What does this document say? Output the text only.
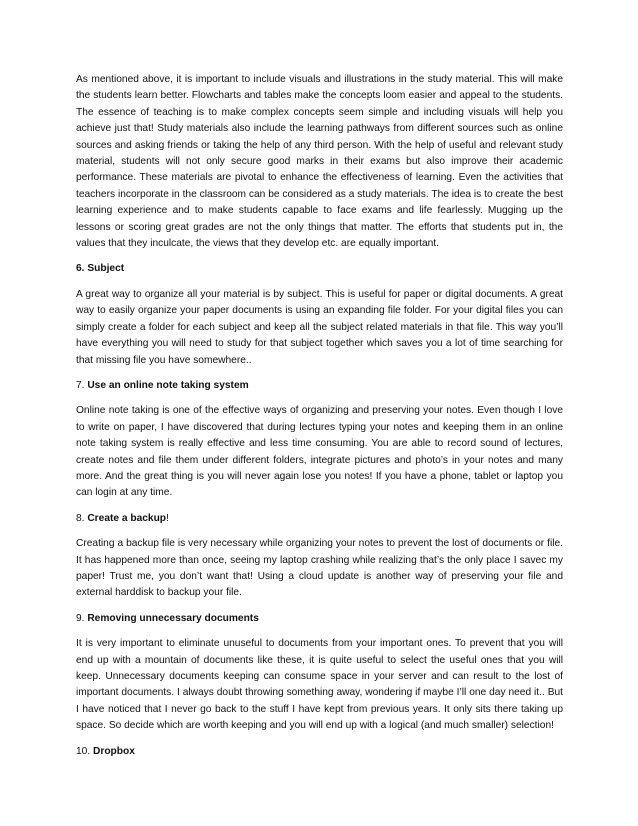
As mentioned above, it is important to include visuals and illustrations in the study material. This will make the students learn better. Flowcharts and tables make the concepts loom easier and appeal to the students. The essence of teaching is to make complex concepts seem simple and including visuals will help you achieve just that! Study materials also include the learning pathways from different sources such as online sources and asking friends or taking the help of any third person. With the help of useful and relevant study material, students will not only secure good marks in their exams but also improve their academic performance. These materials are pivotal to enhance the effectiveness of learning. Even the activities that teachers incorporate in the classroom can be considered as a study materials. The idea is to create the best learning experience and to make students capable to face exams and life fearlessly. Mugging up the lessons or scoring great grades are not the only things that matter. The efforts that students put in, the values that they inculcate, the views that they develop etc. are equally important.

6. Subject

A great way to organize all your material is by subject. This is useful for paper or digital documents. A great way to easily organize your paper documents is using an expanding file folder. For your digital files you can simply create a folder for each subject and keep all the subject related materials in that file. This way you’ll have everything you will need to study for that subject together which saves you a lot of time searching for that missing file you have somewhere..

7. Use an online note taking system

Online note taking is one of the effective ways of organizing and preserving your notes. Even though I love to write on paper, I have discovered that during lectures typing your notes and keeping them in an online note taking system is really effective and less time consuming. You are able to record sound of lectures, create notes and file them under different folders, integrate pictures and photo’s in your notes and many more. And the great thing is you will never again lose you notes! If you have a phone, tablet or laptop you can login at any time.

8. Create a backup!

Creating a backup file is very necessary while organizing your notes to prevent the lost of documents or file. It has happened more than once, seeing my laptop crashing while realizing that’s the only place I savec my paper! Trust me, you don’t want that! Using a cloud update is another way of preserving your file and external harddisk to backup your file.

9. Removing unnecessary documents

It is very important to eliminate unuseful to documents from your important ones. To prevent that you will end up with a mountain of documents like these, it is quite useful to select the useful ones that you will keep. Unnecessary documents keeping can consume space in your server and can result to the lost of important documents. I always doubt throwing something away, wondering if maybe I’ll one day need it.. But I have noticed that I never go back to the stuff I have kept from previous years. It only sits there taking up space. So decide which are worth keeping and you will end up with a logical (and much smaller) selection!

10. Dropbox
